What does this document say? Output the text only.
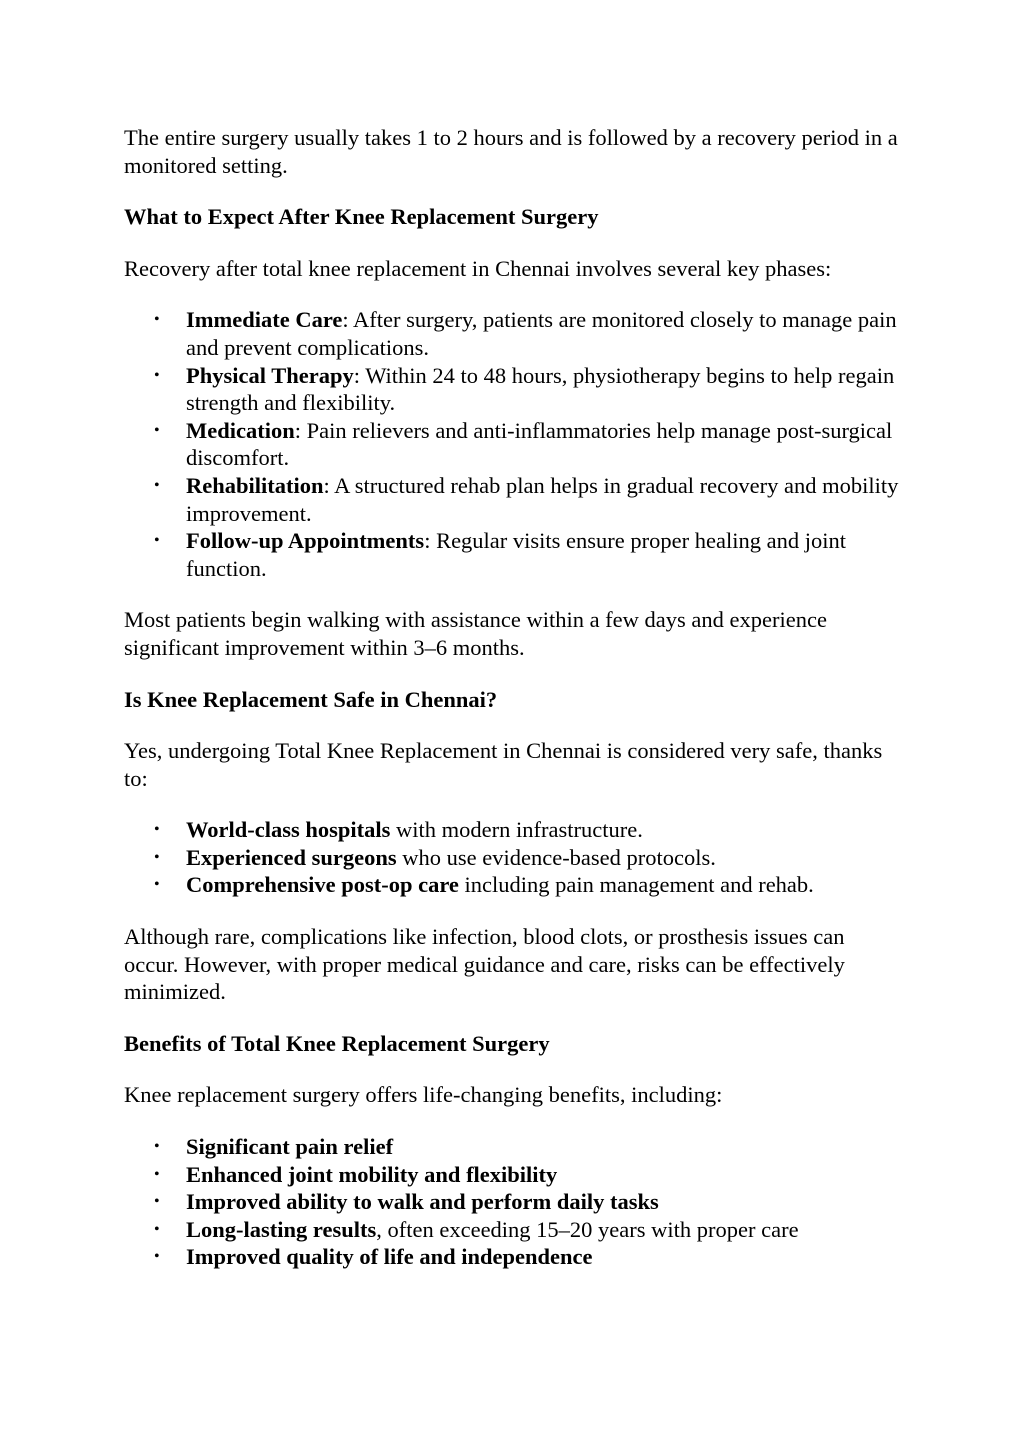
The entire surgery usually takes 1 to 2 hours and is followed by a recovery period in a monitored setting.

What to Expect After Knee Replacement Surgery

Recovery after total knee replacement in Chennai involves several key phases:

• Immediate Care: After surgery, patients are monitored closely to manage pain and prevent complications.
• Physical Therapy: Within 24 to 48 hours, physiotherapy begins to help regain strength and flexibility.
• Medication: Pain relievers and anti-inflammatories help manage post-surgical discomfort.
• Rehabilitation: A structured rehab plan helps in gradual recovery and mobility improvement.
• Follow-up Appointments: Regular visits ensure proper healing and joint function.

Most patients begin walking with assistance within a few days and experience significant improvement within 3–6 months.

Is Knee Replacement Safe in Chennai?

Yes, undergoing Total Knee Replacement in Chennai is considered very safe, thanks to:

• World-class hospitals with modern infrastructure.
• Experienced surgeons who use evidence-based protocols.
• Comprehensive post-op care including pain management and rehab.

Although rare, complications like infection, blood clots, or prosthesis issues can occur. However, with proper medical guidance and care, risks can be effectively minimized.

Benefits of Total Knee Replacement Surgery

Knee replacement surgery offers life-changing benefits, including:

• Significant pain relief
• Enhanced joint mobility and flexibility
• Improved ability to walk and perform daily tasks
• Long-lasting results, often exceeding 15–20 years with proper care
• Improved quality of life and independence
